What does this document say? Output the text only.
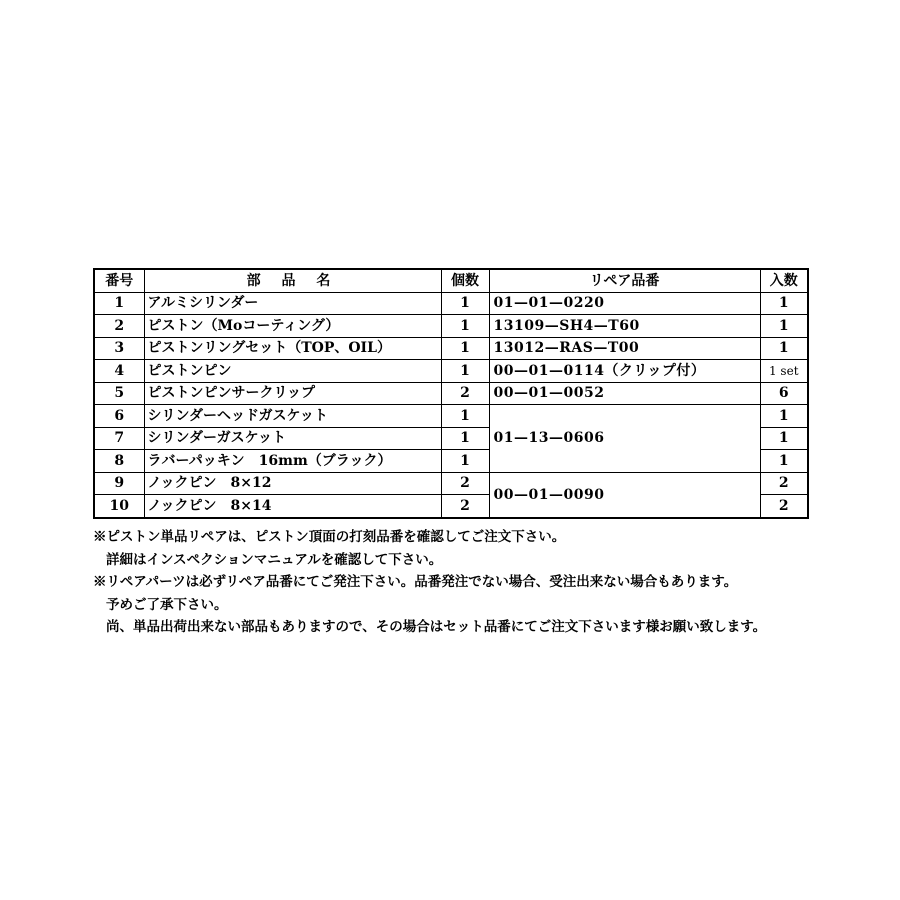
番号	部 品 名	個数	リペア品番	入数
1	アルミシリンダー	1	01—01—0220	1
2	ピストン（Moコーティング）	1	13109—SH4—T60	1
3	ピストンリングセット（TOP、OIL）	1	13012—RAS—T00	1
4	ピストンピン	1	00—01—0114（クリップ付）	1 set
5	ピストンピンサークリップ	2	00—01—0052	6
6	シリンダーヘッドガスケット	1	01—13—0606	1
7	シリンダーガスケット	1		1
8	ラバーパッキン　16mm（ブラック）	1		1
9	ノックピン　8×12	2	00—01—0090	2
10	ノックピン　8×14	2		2
※ピストン単品リペアは、ピストン頂面の打刻品番を確認してご注文下さい。
詳細はインスペクションマニュアルを確認して下さい。
※リペアパーツは必ずリペア品番にてご発注下さい。品番発注でない場合、受注出来ない場合もあります。
予めご了承下さい。
尚、単品出荷出来ない部品もありますので、その場合はセット品番にてご注文下さいます様お願い致します。
